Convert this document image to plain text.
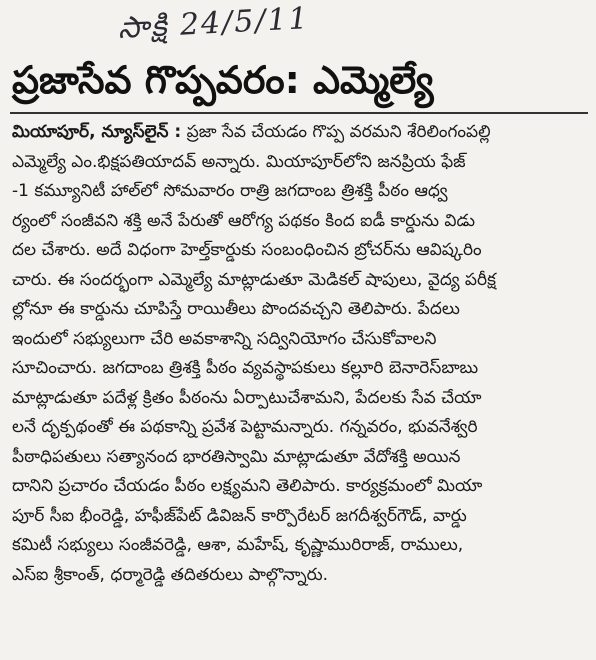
సాక్షి 24/5/11
ప్రజాసేవ గొప్పవరం: ఎమ్మెల్యే
మియాపూర్, న్యూస్‌లైన్ : ప్రజా సేవ చేయడం గొప్ప వరమని శేరిలింగంపల్లి
ఎమ్మెల్యే ఎం.భిక్షపతియాదవ్ అన్నారు. మియాపూర్‌లోని జనప్రియ ఫేజ్
-1 కమ్యూనిటీ హాల్‌లో సోమవారం రాత్రి జగదాంబ త్రిశక్తి పీఠం ఆధ్వ
ర్యంలో సంజీవని శక్తి అనే పేరుతో ఆరోగ్య పథకం కింద ఐడీ కార్డును విడు
దల చేశారు. అదే విధంగా హెల్త్‌కార్డుకు సంబంధించిన బ్రోచర్‌ను ఆవిష్కరిం
చారు. ఈ సందర్భంగా ఎమ్మెల్యే మాట్లాడుతూ మెడికల్ షాపులు, వైద్య పరీక్ష
ల్లోనూ ఈ కార్డును చూపిస్తే రాయితీలు పొందవచ్చని తెలిపారు. పేదలు
ఇందులో సభ్యులుగా చేరి అవకాశాన్ని సద్వినియోగం చేసుకోవాలని
సూచించారు. జగదాంబ త్రిశక్తి పీఠం వ్యవస్థాపకులు కల్లూరి బెనారెస్‌బాబు
మాట్లాడుతూ పదేళ్ల క్రితం పీఠంను ఏర్పాటుచేశామని, పేదలకు సేవ చేయా
లనే దృక్పథంతో ఈ పథకాన్ని ప్రవేశ పెట్టామన్నారు. గన్నవరం, భువనేశ్వరి
పీఠాధిపతులు సత్యానంద భారతిస్వామి మాట్లాడుతూ వేదోశక్తి అయిన
దానిని ప్రచారం చేయడం పీఠం లక్ష్యమని తెలిపారు. కార్యక్రమంలో మియా
పూర్ సీఐ భీంరెడ్డి, హఫీజ్‌పేట్ డివిజన్ కార్పొరేటర్ జగదీశ్వర్‌గౌడ్, వార్డు
కమిటీ సభ్యులు సంజీవరెడ్డి, ఆశా, మహేష్, కృష్ణామురిరాజ్, రాములు,
ఎస్ఐ శ్రీకాంత్, ధర్మారెడ్డి తదితరులు పాల్గొన్నారు.
